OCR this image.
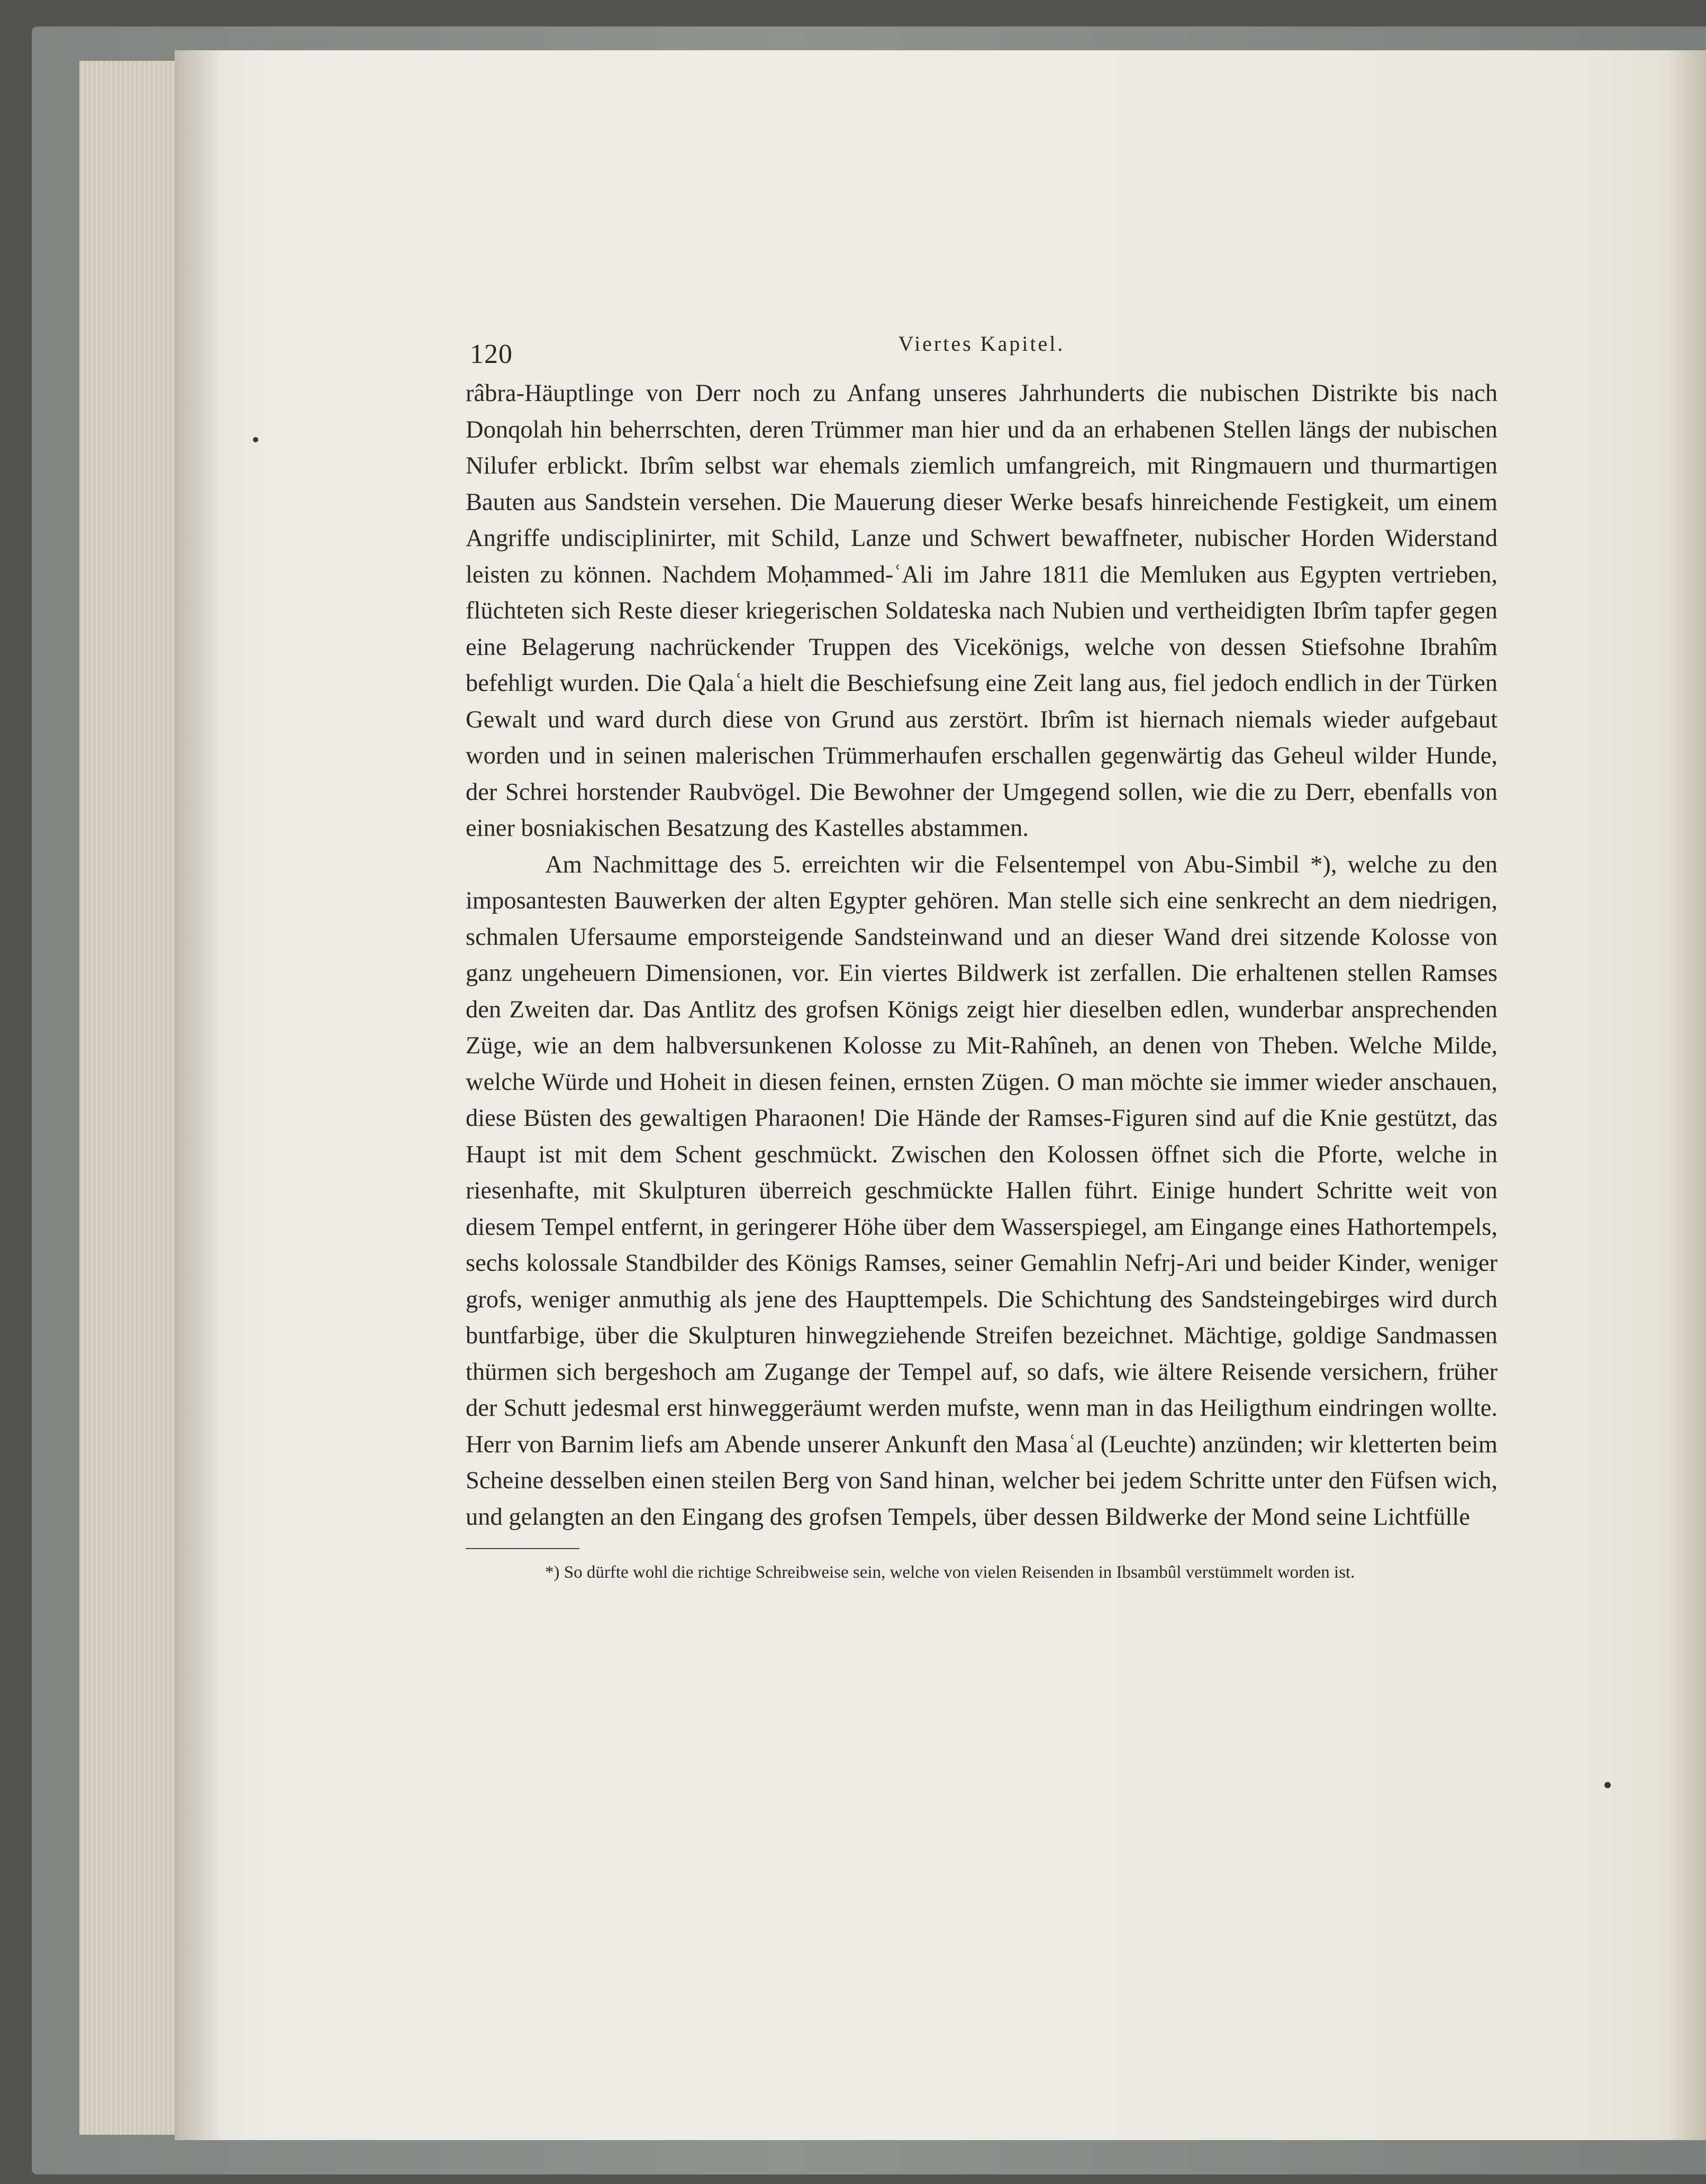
120	Viertes Kapitel.

râbra-Häuptlinge von Derr noch zu Anfang unseres Jahrhunderts die nubischen Distrikte bis nach Donqolah hin beherrschten, deren Trümmer man hier und da an erhabenen Stellen längs der nubischen Nilufer erblickt. Ibrîm selbst war ehemals ziemlich umfangreich, mit Ringmauern und thurmartigen Bauten aus Sandstein versehen. Die Mauerung dieser Werke besafs hinreichende Festigkeit, um einem Angriffe undisciplinirter, mit Schild, Lanze und Schwert bewaffneter, nubischer Horden Widerstand leisten zu können. Nachdem Moḥammed-ʿAli im Jahre 1811 die Memluken aus Egypten vertrieben, flüchteten sich Reste dieser kriegerischen Soldateska nach Nubien und vertheidigten Ibrîm tapfer gegen eine Belagerung nachrückender Truppen des Vicekönigs, welche von dessen Stiefsohne Ibrahîm befehligt wurden. Die Qalaʿa hielt die Beschiefsung eine Zeit lang aus, fiel jedoch endlich in der Türken Gewalt und ward durch diese von Grund aus zerstört. Ibrîm ist hiernach niemals wieder aufgebaut worden und in seinen malerischen Trümmerhaufen erschallen gegenwärtig das Geheul wilder Hunde, der Schrei horstender Raubvögel. Die Bewohner der Umgegend sollen, wie die zu Derr, ebenfalls von einer bosniakischen Besatzung des Kastelles abstammen.

Am Nachmittage des 5. erreichten wir die Felsentempel von Abu-Simbil *), welche zu den imposantesten Bauwerken der alten Egypter gehören. Man stelle sich eine senkrecht an dem niedrigen, schmalen Ufersaume emporsteigende Sandsteinwand und an dieser Wand drei sitzende Kolosse von ganz ungeheuern Dimensionen, vor. Ein viertes Bildwerk ist zerfallen. Die erhaltenen stellen Ramses den Zweiten dar. Das Antlitz des grofsen Königs zeigt hier dieselben edlen, wunderbar ansprechenden Züge, wie an dem halbversunkenen Kolosse zu Mit-Rahîneh, an denen von Theben. Welche Milde, welche Würde und Hoheit in diesen feinen, ernsten Zügen. O man möchte sie immer wieder anschauen, diese Büsten des gewaltigen Pharaonen! Die Hände der Ramses-Figuren sind auf die Knie gestützt, das Haupt ist mit dem Schent geschmückt. Zwischen den Kolossen öffnet sich die Pforte, welche in riesenhafte, mit Skulpturen überreich geschmückte Hallen führt. Einige hundert Schritte weit von diesem Tempel entfernt, in geringerer Höhe über dem Wasserspiegel, am Eingange eines Hathortempels, sechs kolossale Standbilder des Königs Ramses, seiner Gemahlin Nefrj-Ari und beider Kinder, weniger grofs, weniger anmuthig als jene des Haupttempels. Die Schichtung des Sandsteingebirges wird durch buntfarbige, über die Skulpturen hinwegziehende Streifen bezeichnet. Mächtige, goldige Sandmassen thürmen sich bergeshoch am Zugange der Tempel auf, so dafs, wie ältere Reisende versichern, früher der Schutt jedesmal erst hinweggeräumt werden mufste, wenn man in das Heiligthum eindringen wollte. Herr von Barnim liefs am Abende unserer Ankunft den Masaʿal (Leuchte) anzünden; wir kletterten beim Scheine desselben einen steilen Berg von Sand hinan, welcher bei jedem Schritte unter den Füfsen wich, und gelangten an den Eingang des grofsen Tempels, über dessen Bildwerke der Mond seine Lichtfülle

*) So dürfte wohl die richtige Schreibweise sein, welche von vielen Reisenden in Ibsambûl verstümmelt worden ist.
